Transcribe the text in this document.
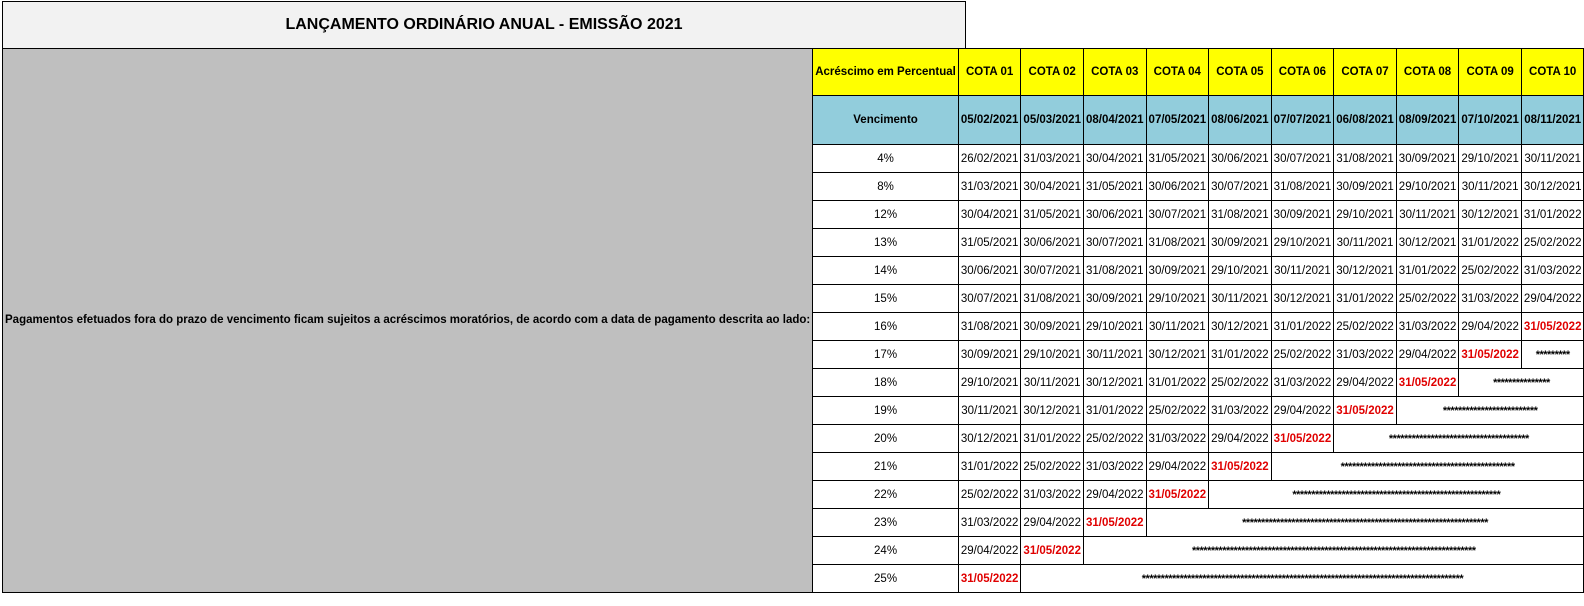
LANÇAMENTO ORDINÁRIO ANUAL - EMISSÃO 2021
Pagamentos efetuados fora do prazo de vencimento ficam sujeitos a acréscimos moratórios, de acordo com a data de pagamento descrita ao lado:	Acréscimo em Percentual	COTA 01	COTA 02	COTA 03	COTA 04	COTA 05	COTA 06	COTA 07	COTA 08	COTA 09	COTA 10
	Vencimento	05/02/2021	05/03/2021	08/04/2021	07/05/2021	08/06/2021	07/07/2021	06/08/2021	08/09/2021	07/10/2021	08/11/2021
	4%	26/02/2021	31/03/2021	30/04/2021	31/05/2021	30/06/2021	30/07/2021	31/08/2021	30/09/2021	29/10/2021	30/11/2021
	8%	31/03/2021	30/04/2021	31/05/2021	30/06/2021	30/07/2021	31/08/2021	30/09/2021	29/10/2021	30/11/2021	30/12/2021
	12%	30/04/2021	31/05/2021	30/06/2021	30/07/2021	31/08/2021	30/09/2021	29/10/2021	30/11/2021	30/12/2021	31/01/2022
	13%	31/05/2021	30/06/2021	30/07/2021	31/08/2021	30/09/2021	29/10/2021	30/11/2021	30/12/2021	31/01/2022	25/02/2022
	14%	30/06/2021	30/07/2021	31/08/2021	30/09/2021	29/10/2021	30/11/2021	30/12/2021	31/01/2022	25/02/2022	31/03/2022
	15%	30/07/2021	31/08/2021	30/09/2021	29/10/2021	30/11/2021	30/12/2021	31/01/2022	25/02/2022	31/03/2022	29/04/2022
	16%	31/08/2021	30/09/2021	29/10/2021	30/11/2021	30/12/2021	31/01/2022	25/02/2022	31/03/2022	29/04/2022	31/05/2022
	17%	30/09/2021	29/10/2021	30/11/2021	30/12/2021	31/01/2022	25/02/2022	31/03/2022	29/04/2022	31/05/2022	*********
	18%	29/10/2021	30/11/2021	30/12/2021	31/01/2022	25/02/2022	31/03/2022	29/04/2022	31/05/2022	***************	
	19%	30/11/2021	30/12/2021	31/01/2022	25/02/2022	31/03/2022	29/04/2022	31/05/2022	*************************		
	20%	30/12/2021	31/01/2022	25/02/2022	31/03/2022	29/04/2022	31/05/2022	*************************************			
	21%	31/01/2022	25/02/2022	31/03/2022	29/04/2022	31/05/2022	**********************************************				
	22%	25/02/2022	31/03/2022	29/04/2022	31/05/2022	*******************************************************					
	23%	31/03/2022	29/04/2022	31/05/2022	*****************************************************************						
	24%	29/04/2022	31/05/2022	***************************************************************************							
	25%	31/05/2022	*************************************************************************************								
